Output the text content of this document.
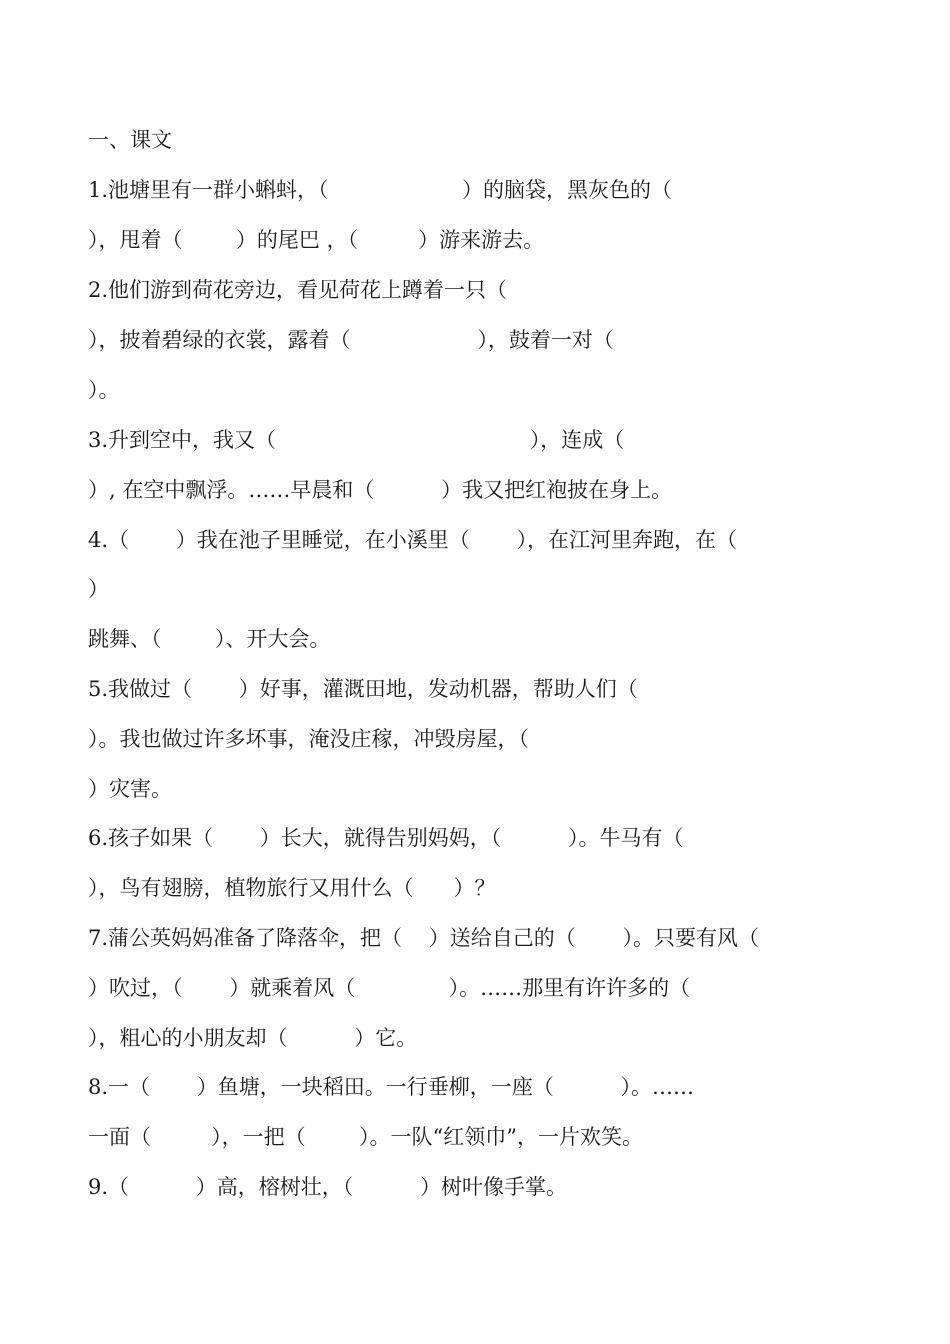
一、课文
1.池塘里有一群小蝌蚪，（                    ）的脑袋，黑灰色的（
），甩着（        ）的尾巴 ，（         ）游来游去。
2.他们游到荷花旁边，看见荷花上蹲着一只（
），披着碧绿的衣裳，露着（                   ），鼓着一对（
）。
3.升到空中，我又（                                      ），连成（
）, 在空中飘浮。……早晨和（          ）我又把红袍披在身上。
4.（       ）我在池子里睡觉，在小溪里（       ），在江河里奔跑，在（
）
跳舞、（        ）、开大会。
5.我做过（       ）好事，灌溉田地，发动机器，帮助人们（
）。我也做过许多坏事，淹没庄稼，冲毁房屋，（
）灾害。
6.孩子如果（       ）长大，就得告别妈妈，（          ）。牛马有（
），鸟有翅膀，植物旅行又用什么（      ）？
7.蒲公英妈妈准备了降落伞，把（    ）送给自己的（       ）。只要有风（
）吹过，（       ）就乘着风（              ）。……那里有许许多的（
），粗心的小朋友却（          ）它。
8.一（       ）鱼塘，一块稻田。一行垂柳，一座（          ）。……
一面（         ），一把（        ）。一队“红领巾”，一片欢笑。
9.（          ）高，榕树壮，（          ）树叶像手掌。
